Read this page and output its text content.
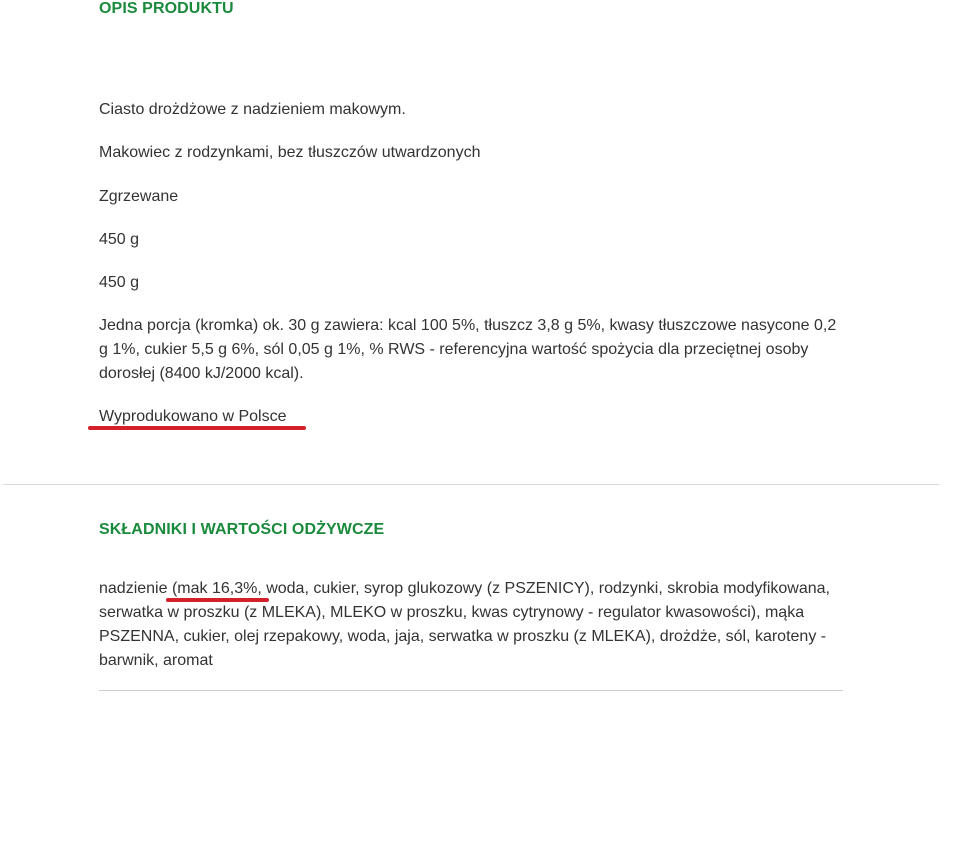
OPIS PRODUKTU

Ciasto drożdżowe z nadzieniem makowym.

Makowiec z rodzynkami, bez tłuszczów utwardzonych

Zgrzewane

450 g

450 g

Jedna porcja (kromka) ok. 30 g zawiera: kcal 100 5%, tłuszcz 3,8 g 5%, kwasy tłuszczowe nasycone 0,2 g 1%, cukier 5,5 g 6%, sól 0,05 g 1%, % RWS - referencyjna wartość spożycia dla przeciętnej osoby dorosłej (8400 kJ/2000 kcal).

Wyprodukowano w Polsce

SKŁADNIKI I WARTOŚCI ODŻYWCZE

nadzienie (mak 16,3%, woda, cukier, syrop glukozowy (z PSZENICY), rodzynki, skrobia modyfikowana, serwatka w proszku (z MLEKA), MLEKO w proszku, kwas cytrynowy - regulator kwasowości), mąka PSZENNA, cukier, olej rzepakowy, woda, jaja, serwatka w proszku (z MLEKA), drożdże, sól, karoteny - barwnik, aromat
